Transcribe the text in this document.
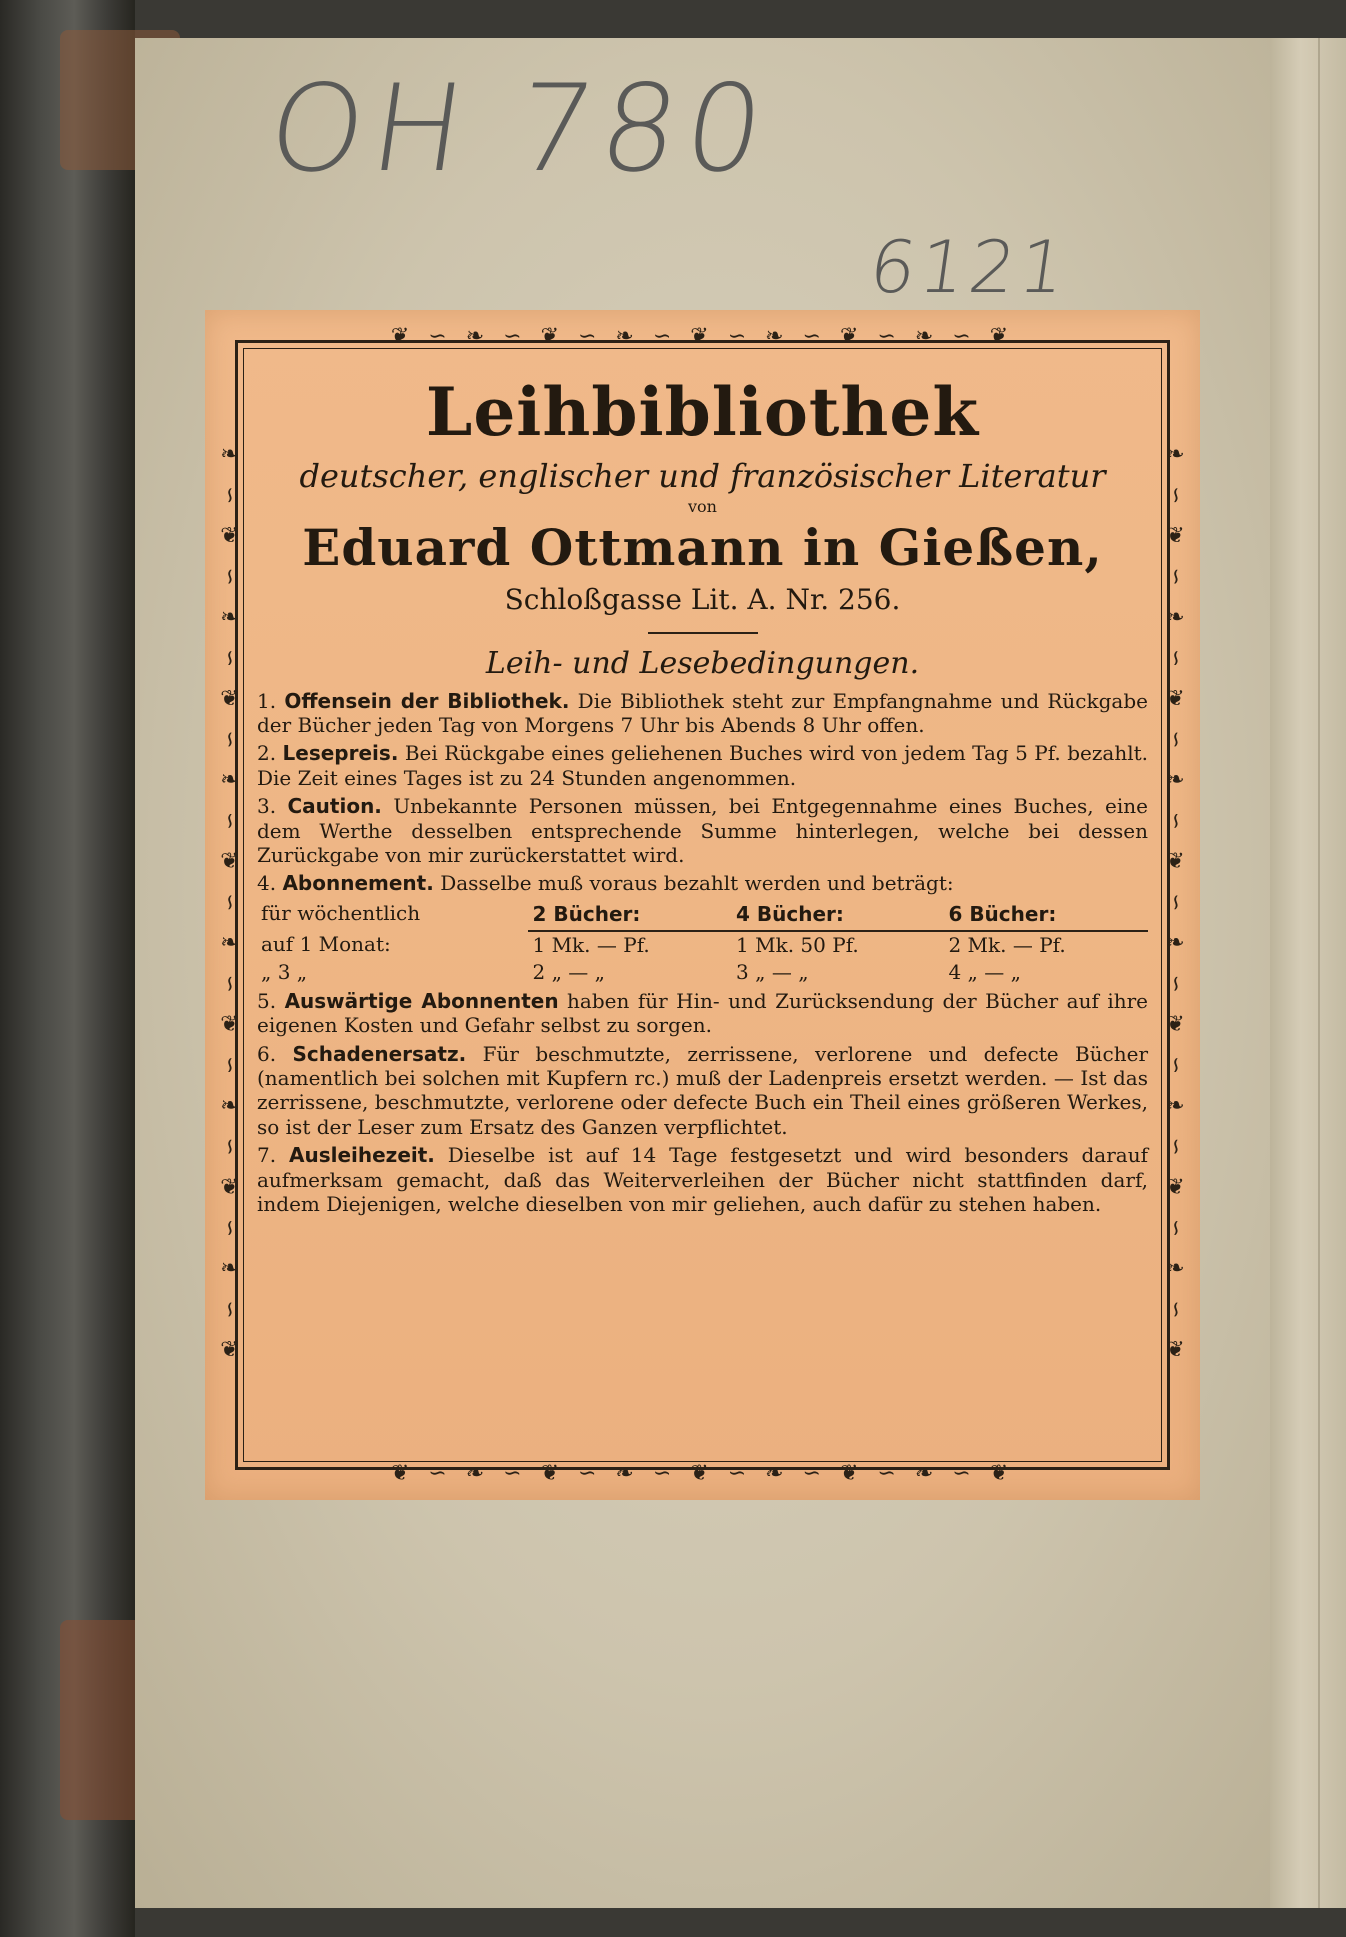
OH 780
6121
❦ ∽ ❧ ∽ ❦ ∽ ❧ ∽ ❦ ∽ ❧ ∽ ❦ ∽ ❧ ∽ ❦
❦ ∽ ❧ ∽ ❦ ∽ ❧ ∽ ❦ ∽ ❧ ∽ ❦ ∽ ❧ ∽ ❦
❧ ∽ ❦ ∽ ❧ ∽ ❦ ∽ ❧ ∽ ❦ ∽ ❧ ∽ ❦ ∽ ❧ ∽ ❦ ∽ ❧ ∽ ❦	❧ ∽ ❦ ∽ ❧ ∽ ❦ ∽ ❧ ∽ ❦ ∽ ❧ ∽ ❦ ∽ ❧ ∽ ❦ ∽ ❧ ∽ ❦
Leihbibliothek
deutscher, englischer und französischer Literatur
von
Eduard Ottmann in Gießen,
Schloßgasse Lit. A. Nr. 256.
Leih- und Lesebedingungen.

1. Offensein der Bibliothek. Die Bibliothek steht zur Empfangnahme und Rückgabe der Bücher jeden Tag von Morgens 7 Uhr bis Abends 8 Uhr offen.

2. Lesepreis. Bei Rückgabe eines geliehenen Buches wird von jedem Tag 5 Pf. bezahlt. Die Zeit eines Tages ist zu 24 Stunden angenommen.

3. Caution. Unbekannte Personen müssen, bei Entgegennahme eines Buches, eine dem Werthe desselben entsprechende Summe hinterlegen, welche bei dessen Zurückgabe von mir zurückerstattet wird.

4. Abonnement. Dasselbe muß voraus bezahlt werden und beträgt:

für wöchentlich	2 Bücher:	4 Bücher:	6 Bücher:
auf 1 Monat:	1 Mk. — Pf.	1 Mk. 50 Pf.	2 Mk. — Pf.
„ 3 „	2 „ — „	3 „ — „	4 „ — „

5. Auswärtige Abonnenten haben für Hin- und Zurücksendung der Bücher auf ihre eigenen Kosten und Gefahr selbst zu sorgen.

6. Schadenersatz. Für beschmutzte, zerrissene, verlorene und defecte Bücher (namentlich bei solchen mit Kupfern rc.) muß der Ladenpreis ersetzt werden. — Ist das zerrissene, beschmutzte, verlorene oder defecte Buch ein Theil eines größeren Werkes, so ist der Leser zum Ersatz des Ganzen verpflichtet.

7. Ausleihezeit. Dieselbe ist auf 14 Tage festgesetzt und wird besonders darauf aufmerksam gemacht, daß das Weiterverleihen der Bücher nicht stattfinden darf, indem Diejenigen, welche dieselben von mir geliehen, auch dafür zu stehen haben.
